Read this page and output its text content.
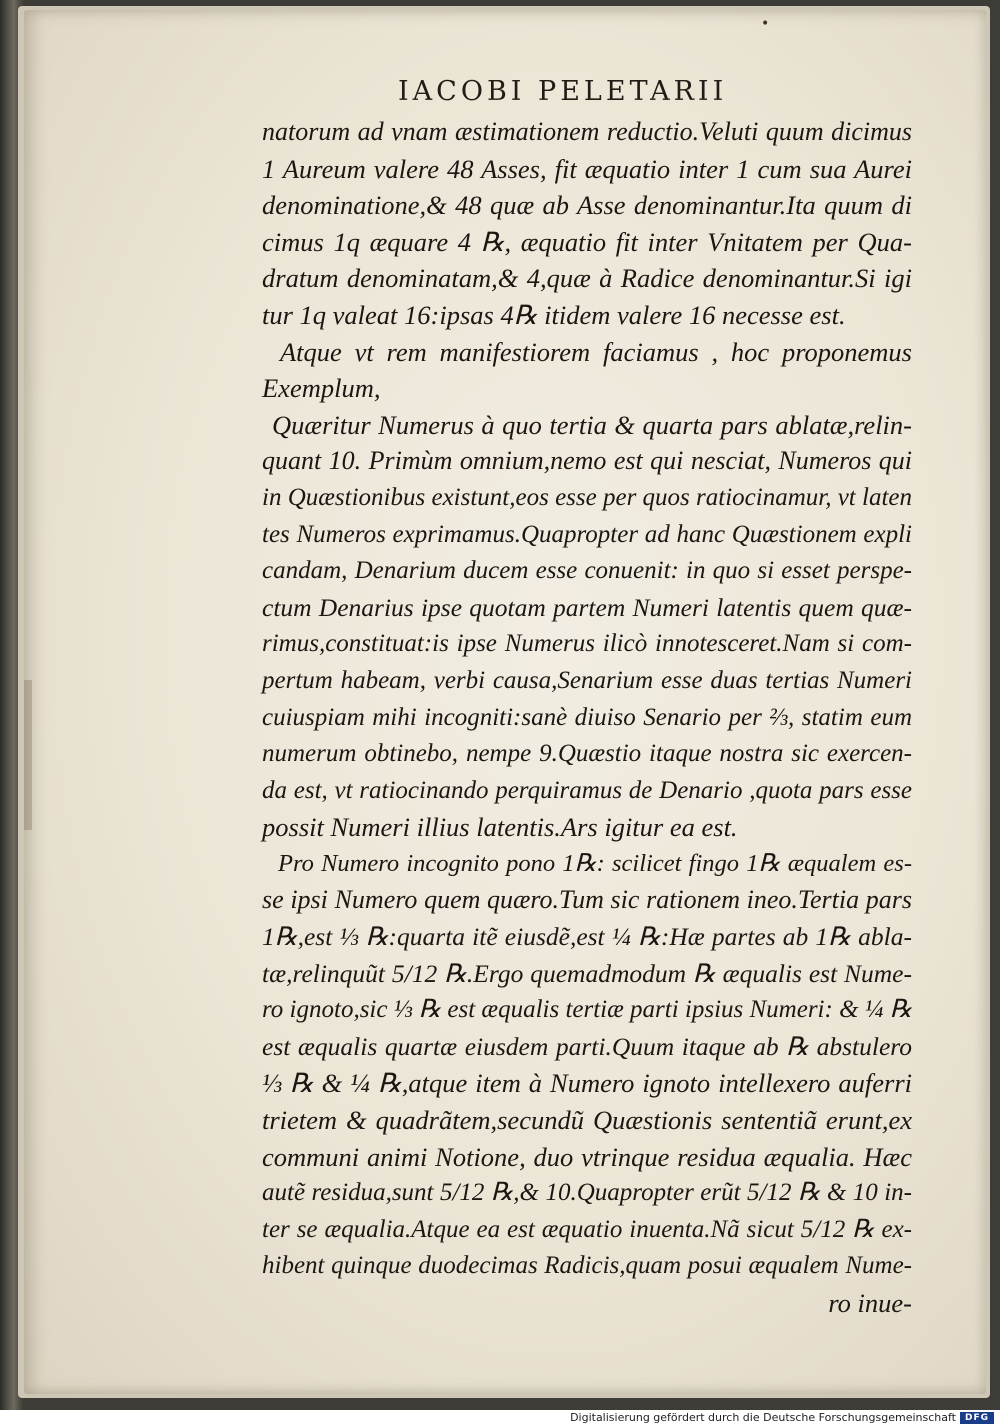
•
IACOBI PELETARII
natorum ad vnam æstimationem reductio.Veluti quum dicimus
1 Aureum valere 48 Asses, fit æquatio inter 1 cum sua Aurei
denominatione,& 48 quæ ab Asse denominantur.Ita quum di
cimus 1q æquare 4 ℞, æquatio fit inter Vnitatem per Qua-
dratum denominatam,& 4,quæ à Radice denominantur.Si igi
tur 1q valeat 16:ipsas 4℞ itidem valere 16 necesse est.
Atque vt rem manifestiorem faciamus , hoc proponemus
Exemplum,
Quæritur Numerus à quo tertia & quarta pars ablatæ,relin-
quant 10. Primùm omnium,nemo est qui nesciat, Numeros qui
in Quæstionibus existunt,eos esse per quos ratiocinamur, vt laten
tes Numeros exprimamus.Quapropter ad hanc Quæstionem expli
candam, Denarium ducem esse conuenit: in quo si esset perspe-
ctum Denarius ipse quotam partem Numeri latentis quem quæ-
rimus,constituat:is ipse Numerus ilicò innotesceret.Nam si com-
pertum habeam, verbi causa,Senarium esse duas tertias Numeri
cuiuspiam mihi incogniti:sanè diuiso Senario per ⅔, statim eum
numerum obtinebo, nempe 9.Quæstio itaque nostra sic exercen-
da est, vt ratiocinando perquiramus de Denario ,quota pars esse
possit Numeri illius latentis.Ars igitur ea est.
Pro Numero incognito pono 1℞: scilicet fingo 1℞ æqualem es-
se ipsi Numero quem quæro.Tum sic rationem ineo.Tertia pars
1℞,est ⅓ ℞:quarta itẽ eiusdẽ,est ¼ ℞:Hæ partes ab 1℞ abla-
tæ,relinquũt 5/12 ℞.Ergo quemadmodum ℞ æqualis est Nume-
ro ignoto,sic ⅓ ℞ est æqualis tertiæ parti ipsius Numeri: & ¼ ℞
est æqualis quartæ eiusdem parti.Quum itaque ab ℞ abstulero
⅓ ℞ & ¼ ℞,atque item à Numero ignoto intellexero auferri
trietem & quadrãtem,secundũ Quæstionis sententiã erunt,ex
communi animi Notione, duo vtrinque residua æqualia. Hæc
autẽ residua,sunt 5/12 ℞,& 10.Quapropter erũt 5/12 ℞ & 10 in-
ter se æqualia.Atque ea est æquatio inuenta.Nã sicut 5/12 ℞ ex-
hibent quinque duodecimas Radicis,quam posui æqualem Nume-
ro inue-
Digitalisierung gefördert durch die Deutsche Forschungsgemeinschaft DFG
